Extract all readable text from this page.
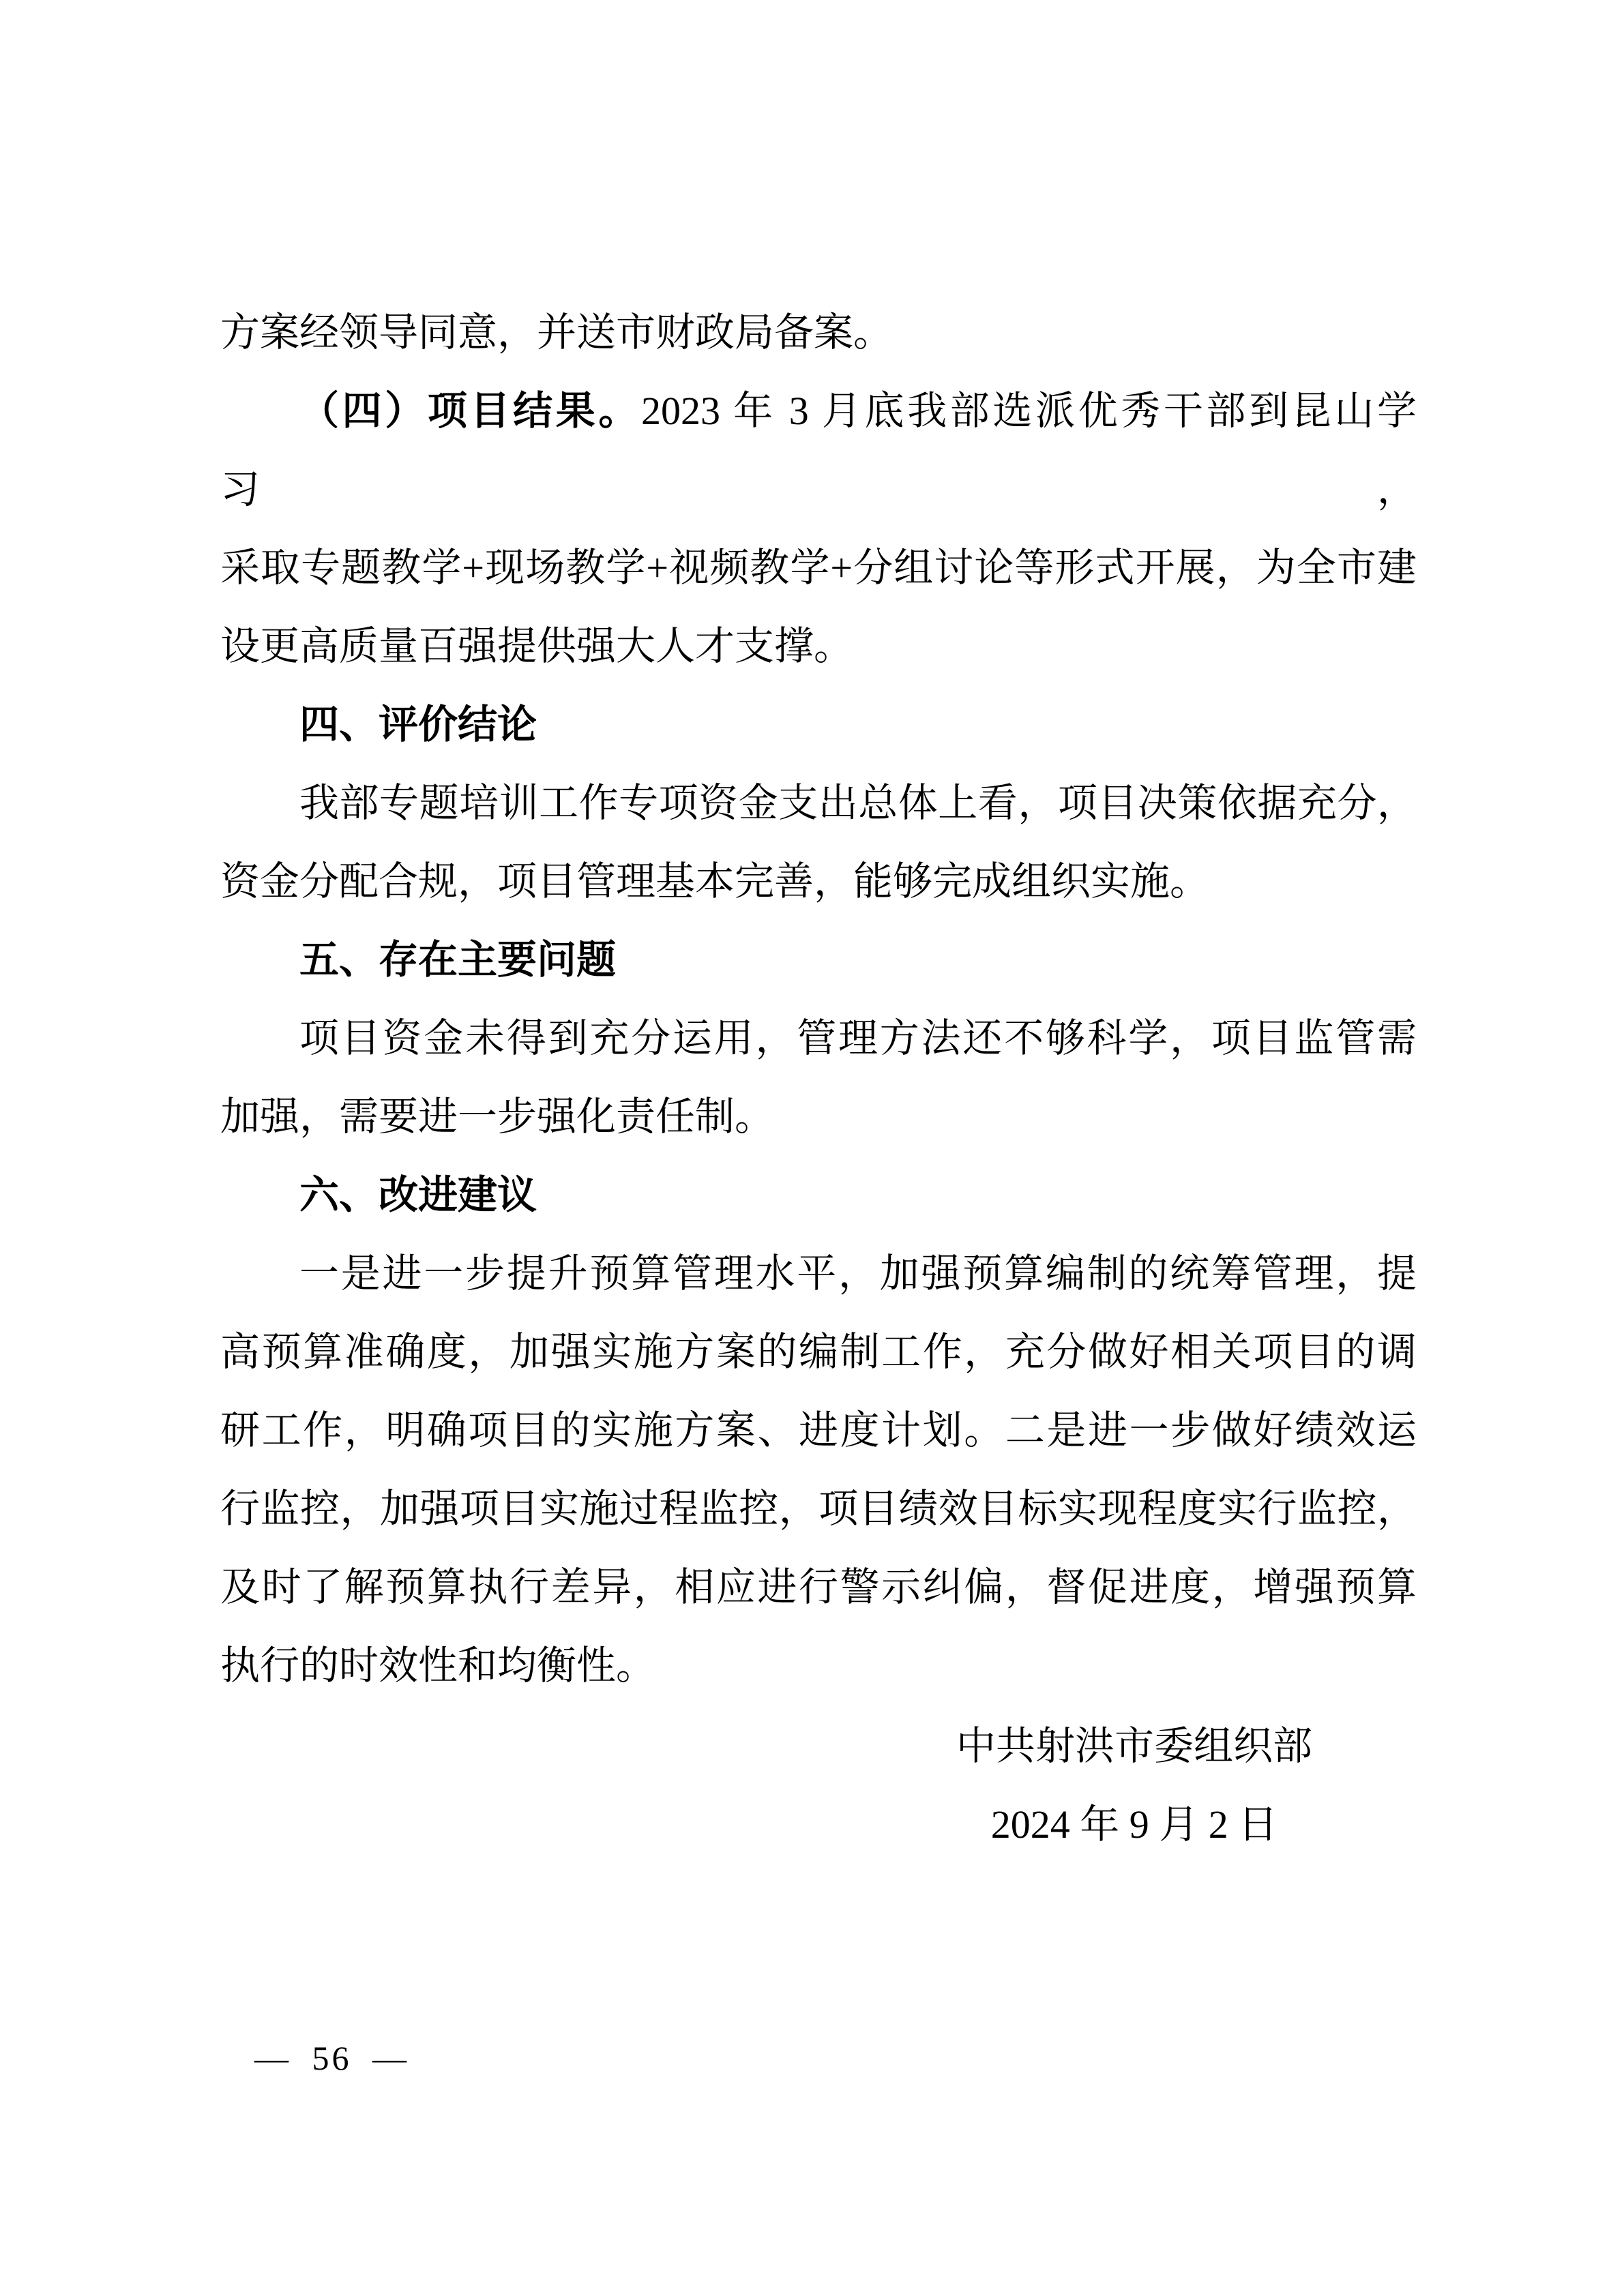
方案经领导同意，并送市财政局备案。
（四）项目结果。2023 年 3 月底我部选派优秀干部到昆山学习，
采取专题教学+现场教学+视频教学+分组讨论等形式开展，为全市建
设更高质量百强提供强大人才支撑。
四、评价结论
我部专题培训工作专项资金支出总体上看，项目决策依据充分，
资金分配合规，项目管理基本完善，能够完成组织实施。
五、存在主要问题
项目资金未得到充分运用，管理方法还不够科学，项目监管需
加强，需要进一步强化责任制。
六、改进建议
一是进一步提升预算管理水平，加强预算编制的统筹管理，提
高预算准确度，加强实施方案的编制工作，充分做好相关项目的调
研工作，明确项目的实施方案、进度计划。二是进一步做好绩效运
行监控，加强项目实施过程监控，项目绩效目标实现程度实行监控，
及时了解预算执行差异，相应进行警示纠偏，督促进度，增强预算
执行的时效性和均衡性。
中共射洪市委组织部
2024 年 9 月 2 日
— 56 —
